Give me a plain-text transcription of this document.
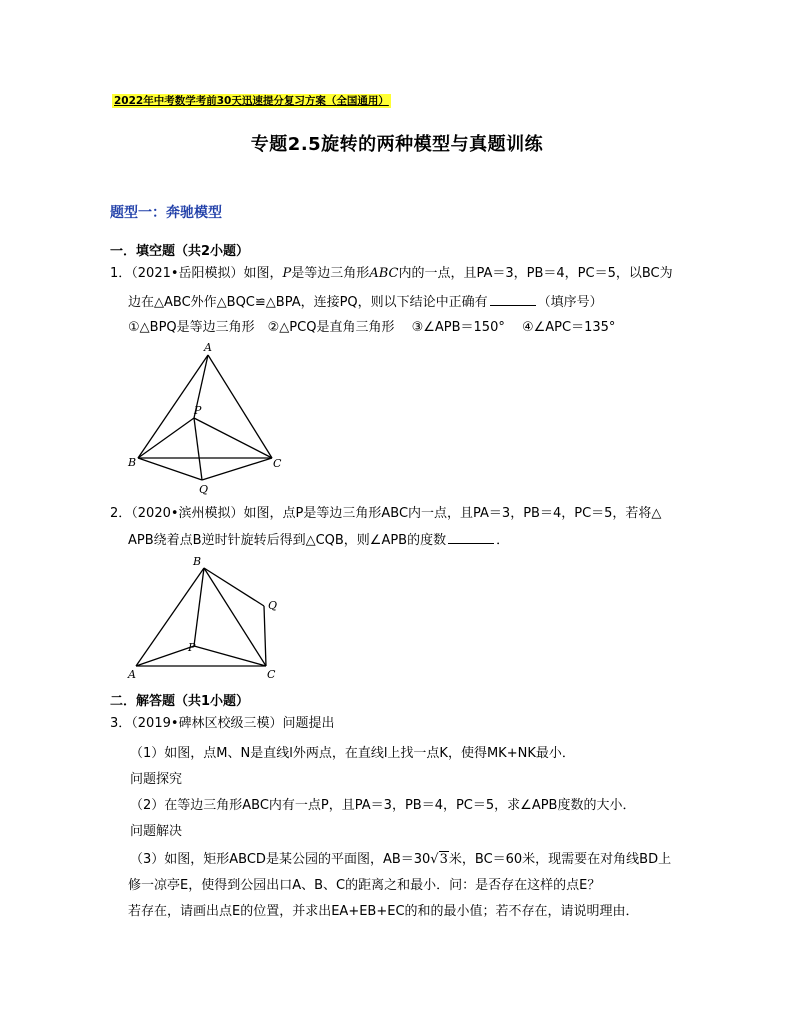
2022年中考数学考前30天迅速提分复习方案（全国通用）
专题2.5旋转的两种模型与真题训练
题型一：奔驰模型
一．填空题（共2小题）
1．（2021•岳阳模拟）如图，P是等边三角形ABC内的一点，且PA＝3，PB＝4，PC＝5，以BC为
边在△ABC外作△BQC≌△BPA，连接PQ，则以下结论中正确有	（填序号）
①△BPQ是等边三角形　②△PCQ是直角三角形　 ③∠APB＝150°　 ④∠APC＝135°
A
P
B	C
Q
2．（2020•滨州模拟）如图，点P是等边三角形ABC内一点，且PA＝3，PB＝4，PC＝5，若将△
APB绕着点B逆时针旋转后得到△CQB，则∠APB的度数	．
B
Q
P
A	C
二．解答题（共1小题）
3．（2019•碑林区校级三模）问题提出
（1）如图，点M、N是直线l外两点，在直线l上找一点K，使得MK+NK最小．
问题探究
（2）在等边三角形ABC内有一点P，且PA＝3，PB＝4，PC＝5，求∠APB度数的大小．
问题解决
（3）如图，矩形ABCD是某公园的平面图，AB＝30√3米，BC＝60米，现需要在对角线BD上
修一凉亭E，使得到公园出口A、B、C的距离之和最小．问：是否存在这样的点E？
若存在，请画出点E的位置，并求出EA+EB+EC的和的最小值；若不存在，请说明理由．
